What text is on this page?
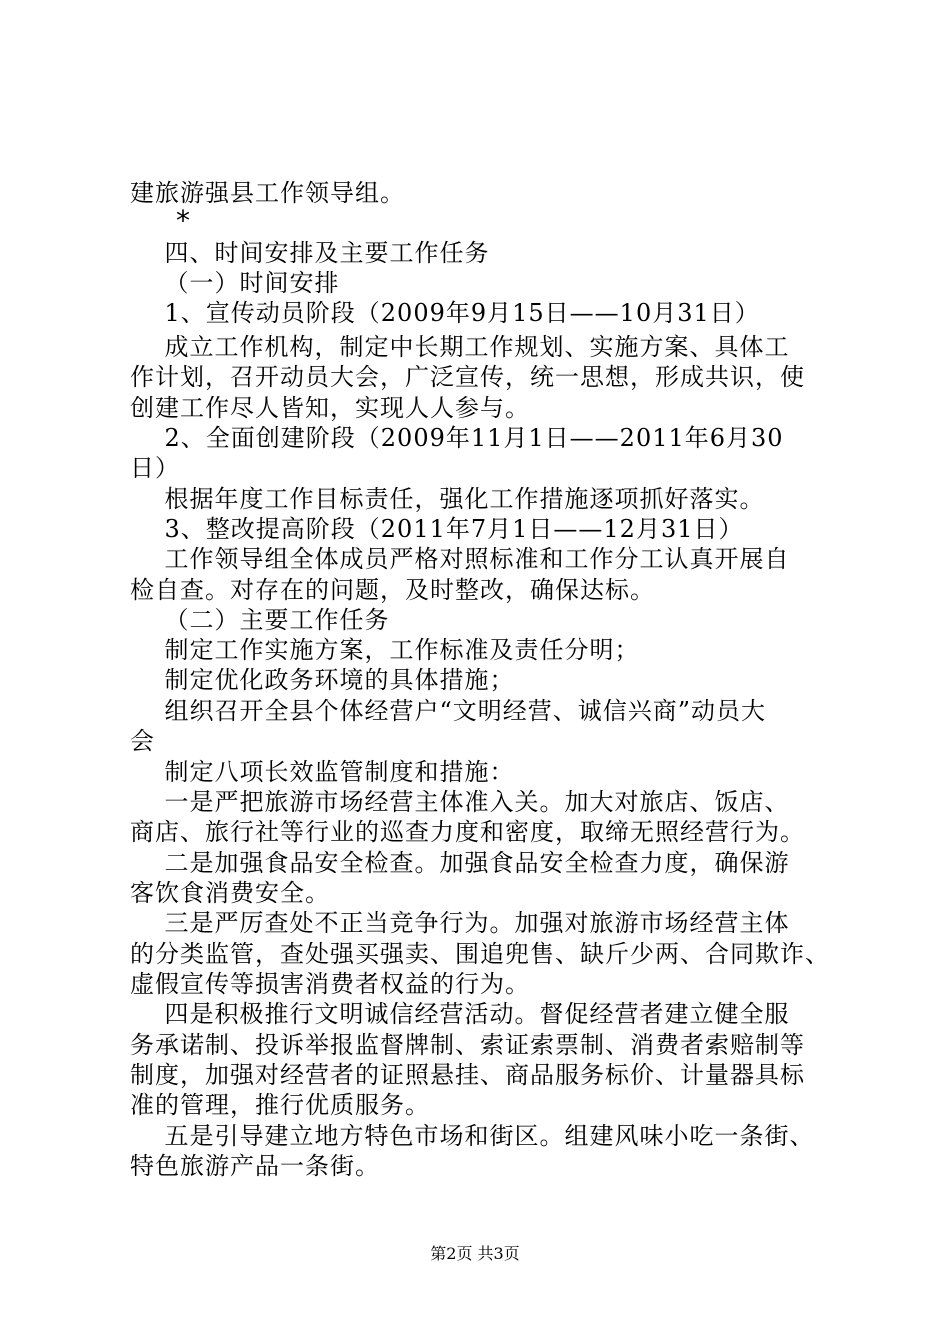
建旅游强县工作领导组。
*
四、时间安排及主要工作任务
（一）时间安排
1、宣传动员阶段（2009年9月15日——10月31日）
成立工作机构，制定中长期工作规划、实施方案、具体工
作计划，召开动员大会，广泛宣传，统一思想，形成共识，使
创建工作尽人皆知，实现人人参与。
2、全面创建阶段（2009年11月1日——2011年6月30
日）
根据年度工作目标责任，强化工作措施逐项抓好落实。
3、整改提高阶段（2011年7月1日——12月31日）
工作领导组全体成员严格对照标准和工作分工认真开展自
检自查。对存在的问题，及时整改，确保达标。
（二）主要工作任务
制定工作实施方案，工作标准及责任分明；
制定优化政务环境的具体措施；
组织召开全县个体经营户“文明经营、诚信兴商”动员大
会
制定八项长效监管制度和措施：
一是严把旅游市场经营主体准入关。加大对旅店、饭店、
商店、旅行社等行业的巡查力度和密度，取缔无照经营行为。
二是加强食品安全检查。加强食品安全检查力度，确保游
客饮食消费安全。
三是严厉查处不正当竞争行为。加强对旅游市场经营主体
的分类监管，查处强买强卖、围追兜售、缺斤少两、合同欺诈、
虚假宣传等损害消费者权益的行为。
四是积极推行文明诚信经营活动。督促经营者建立健全服
务承诺制、投诉举报监督牌制、索证索票制、消费者索赔制等
制度，加强对经营者的证照悬挂、商品服务标价、计量器具标
准的管理，推行优质服务。
五是引导建立地方特色市场和街区。组建风味小吃一条街、
特色旅游产品一条街。
第2页 共3页
